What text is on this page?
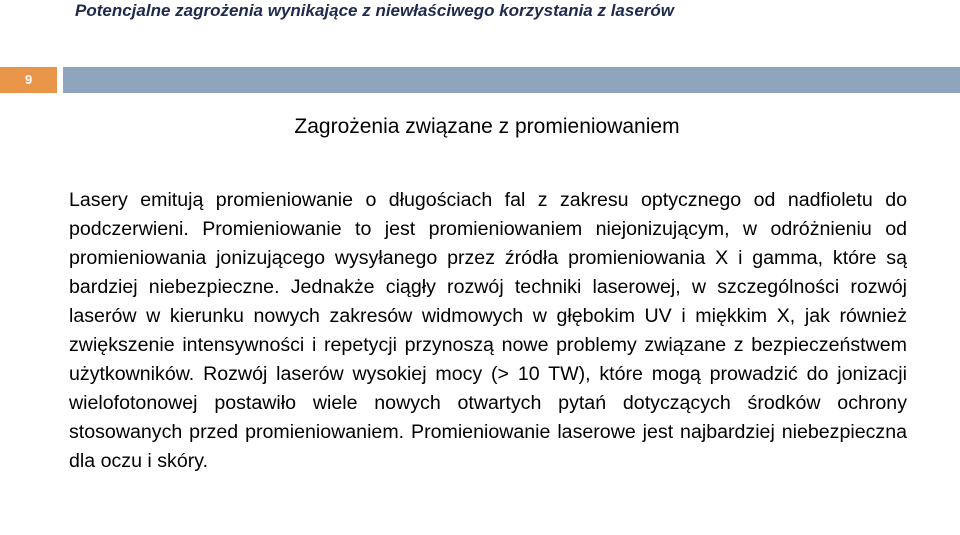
Potencjalne zagrożenia wynikające z niewłaściwego korzystania z laserów
9
Zagrożenia związane z promieniowaniem

Lasery emitują promieniowanie o długościach fal z zakresu optycznego od nadfioletu do podczerwieni. Promieniowanie to jest promieniowaniem niejonizującym, w odróżnieniu od promieniowania jonizującego wysyłanego przez źródła promieniowania X i gamma, które są bardziej niebezpieczne. Jednakże ciągły rozwój techniki laserowej, w szczególności rozwój laserów w kierunku nowych zakresów widmowych w głębokim UV i miękkim X, jak również zwiększenie intensywności i repetycji przynoszą nowe problemy związane z bezpieczeństwem użytkowników. Rozwój laserów wysokiej mocy (> 10 TW), które mogą prowadzić do jonizacji wielofotonowej postawiło wiele nowych otwartych pytań dotyczących środków ochrony stosowanych przed promieniowaniem. Promieniowanie laserowe jest najbardziej niebezpieczna dla oczu i skóry.
